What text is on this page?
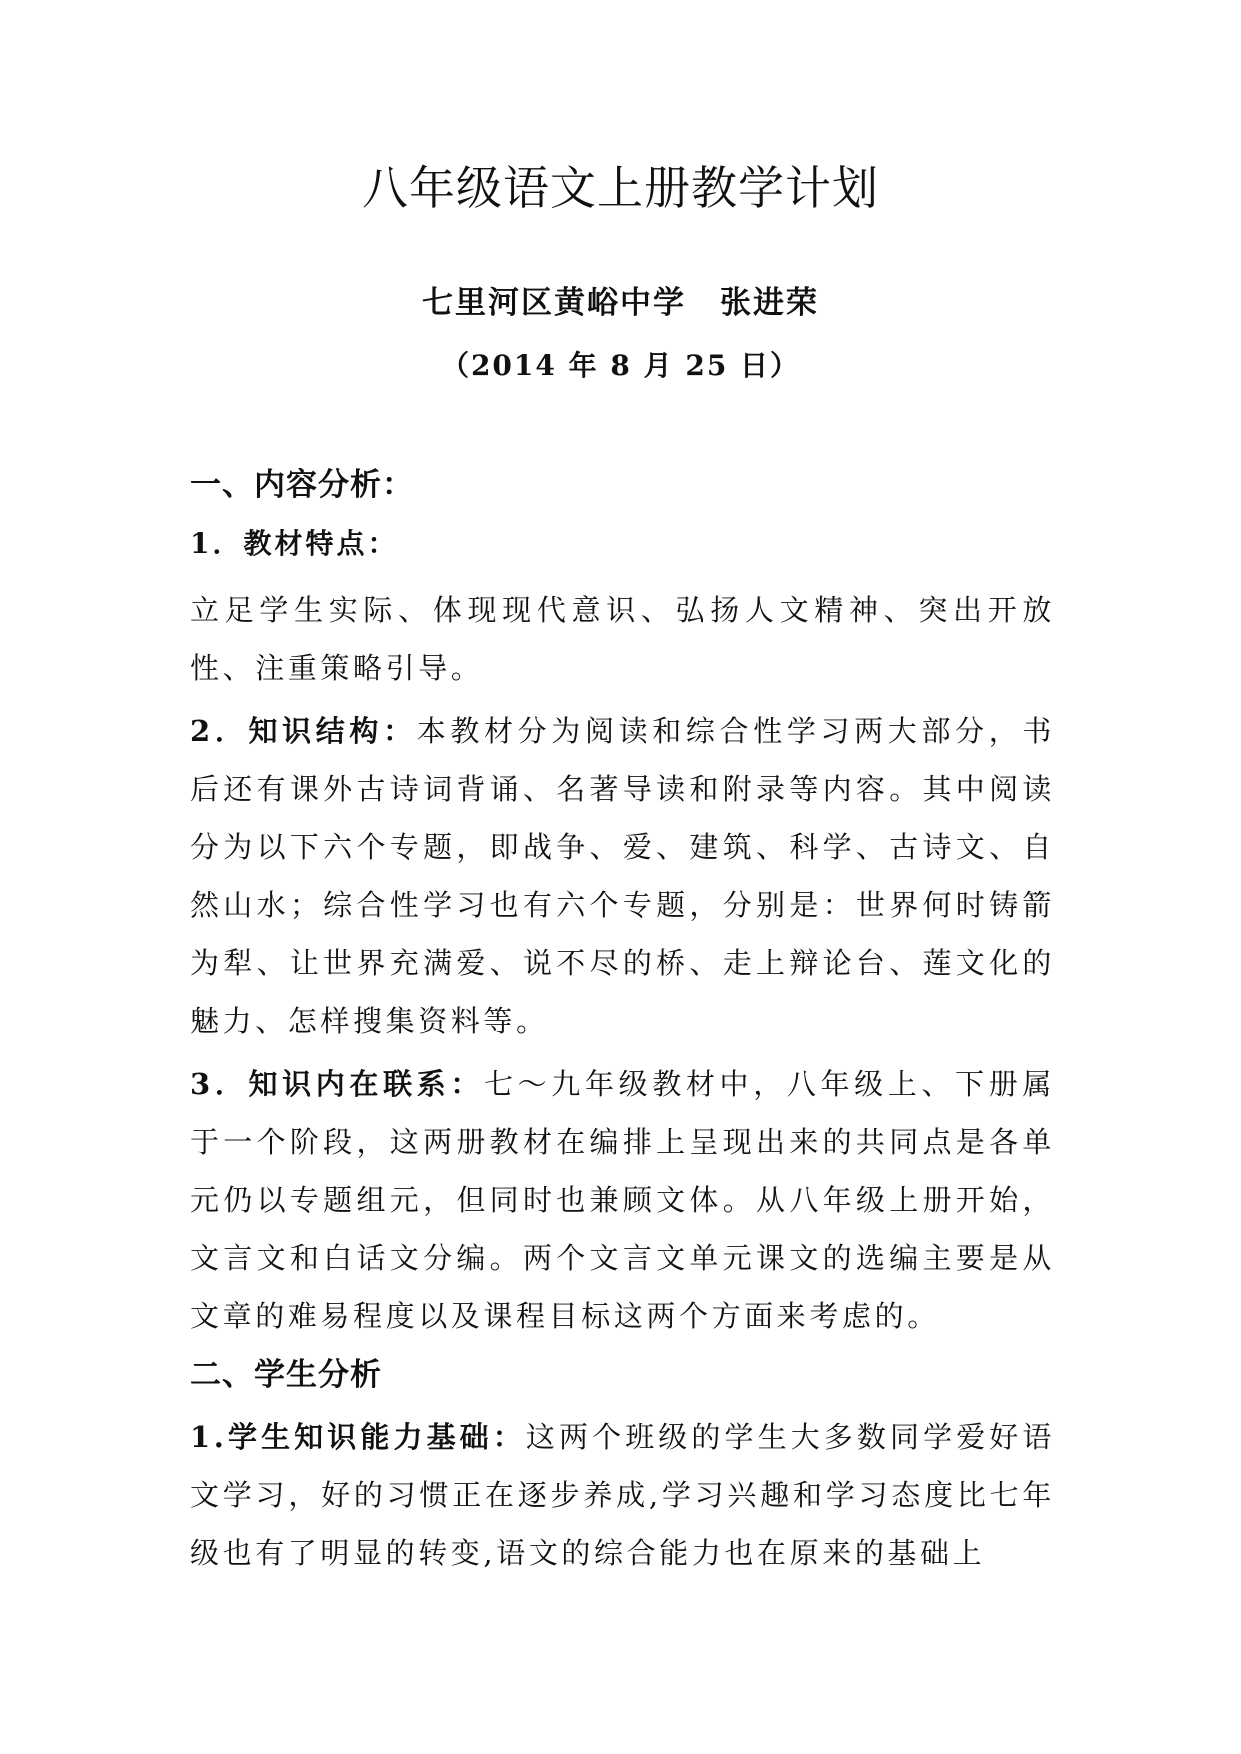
八年级语文上册教学计划
七里河区黄峪中学 张进荣
（2014 年 8 月 25 日）
一、内容分析：
1．教材特点：
立足学生实际、体现现代意识、弘扬人文精神、突出开放性、注重策略引导。
2．知识结构：本教材分为阅读和综合性学习两大部分，书后还有课外古诗词背诵、名著导读和附录等内容。其中阅读分为以下六个专题，即战争、爱、建筑、科学、古诗文、自然山水；综合性学习也有六个专题，分别是：世界何时铸箭为犁、让世界充满爱、说不尽的桥、走上辩论台、莲文化的魅力、怎样搜集资料等。
3．知识内在联系：七～九年级教材中，八年级上、下册属于一个阶段，这两册教材在编排上呈现出来的共同点是各单元仍以专题组元，但同时也兼顾文体。从八年级上册开始，文言文和白话文分编。两个文言文单元课文的选编主要是从文章的难易程度以及课程目标这两个方面来考虑的。
二、学生分析
1.学生知识能力基础：这两个班级的学生大多数同学爱好语文学习，好的习惯正在逐步养成,学习兴趣和学习态度比七年级也有了明显的转变,语文的综合能力也在原来的基础上
